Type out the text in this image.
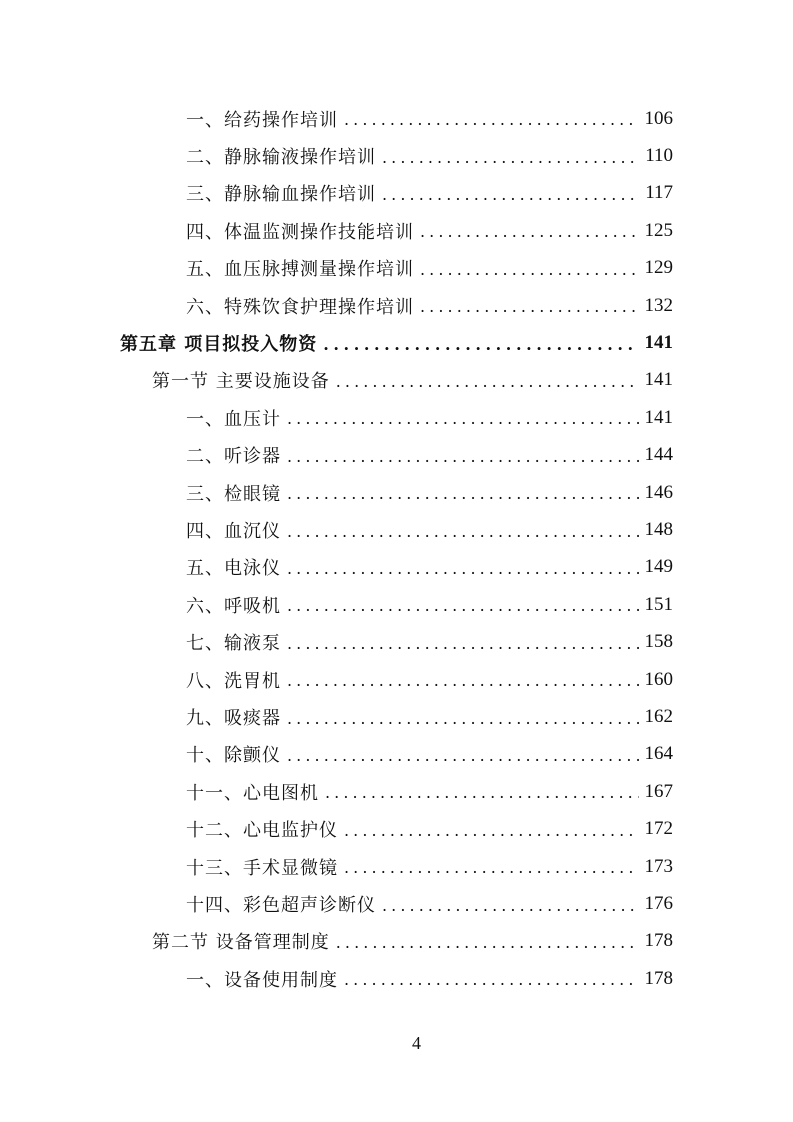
一、给药操作培训 . . .	106
二、静脉输液操作培训 . . .	110
三、静脉输血操作培训 . . .	117
四、体温监测操作技能培训 . . .	125
五、血压脉搏测量操作培训 . . .	129
六、特殊饮食护理操作培训 . . .	132
第五章 项目拟投入物资 . . .	141
第一节 主要设施设备 . . .	141
一、血压计 . . .	141
二、听诊器 . . .	144
三、检眼镜 . . .	146
四、血沉仪 . . .	148
五、电泳仪 . . .	149
六、呼吸机 . . .	151
七、输液泵 . . .	158
八、洗胃机 . . .	160
九、吸痰器 . . .	162
十、除颤仪 . . .	164
十一、心电图机 . . .	167
十二、心电监护仪 . . .	172
十三、手术显微镜 . . .	173
十四、彩色超声诊断仪 . . .	176
第二节 设备管理制度 . . .	178
一、设备使用制度 . . .	178
4
